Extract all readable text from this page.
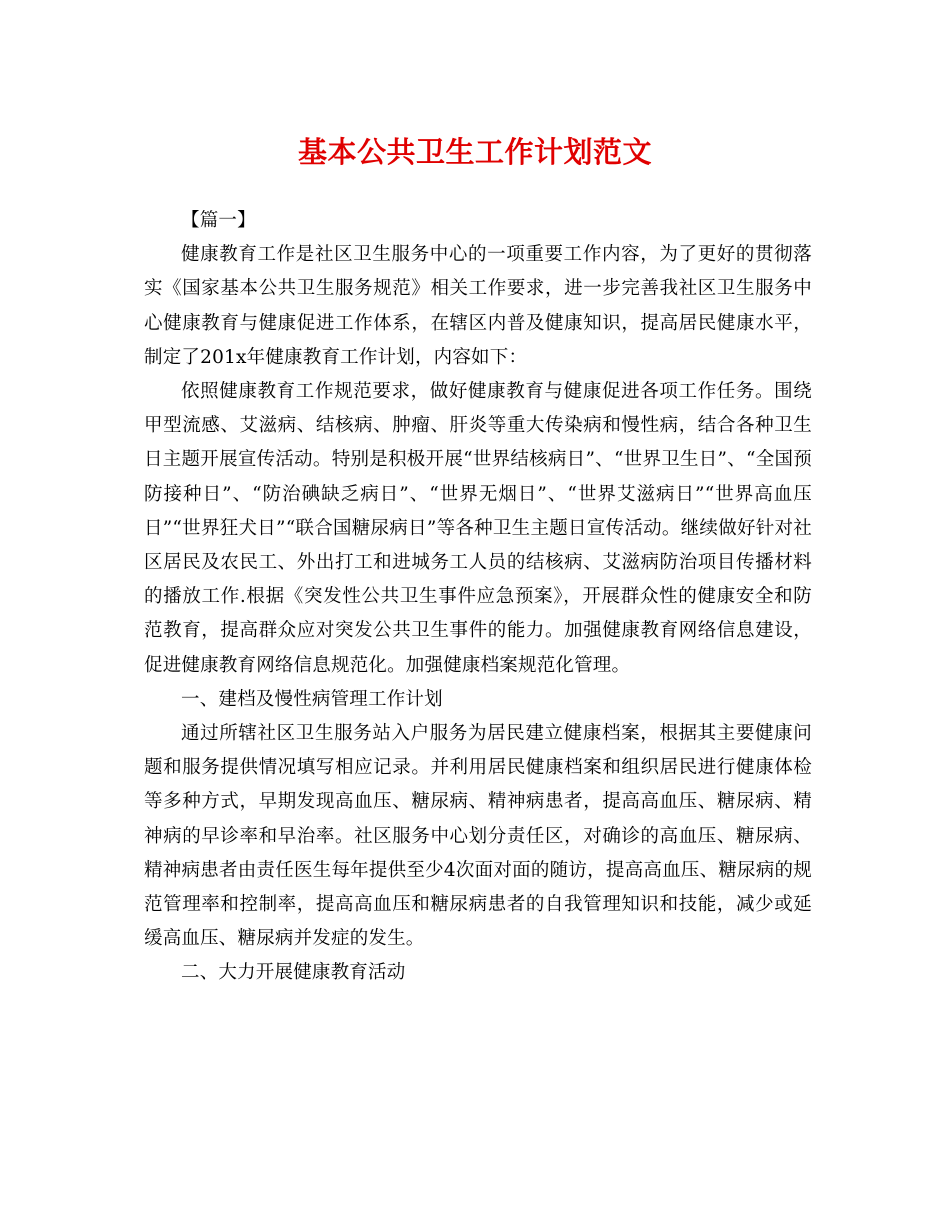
基本公共卫生工作计划范文

【篇一】

健康教育工作是社区卫生服务中心的一项重要工作内容，为了更好的贯彻落实《国家基本公共卫生服务规范》相关工作要求，进一步完善我社区卫生服务中心健康教育与健康促进工作体系，在辖区内普及健康知识，提高居民健康水平，制定了201x年健康教育工作计划，内容如下：

依照健康教育工作规范要求，做好健康教育与健康促进各项工作任务。围绕甲型流感、艾滋病、结核病、肿瘤、肝炎等重大传染病和慢性病，结合各种卫生日主题开展宣传活动。特别是积极开展“世界结核病日”、“世界卫生日”、“全国预防接种日”、“防治碘缺乏病日”、“世界无烟日”、“世界艾滋病日”“世界高血压日”“世界狂犬日”“联合国糖尿病日”等各种卫生主题日宣传活动。继续做好针对社区居民及农民工、外出打工和进城务工人员的结核病、艾滋病防治项目传播材料的播放工作.根据《突发性公共卫生事件应急预案》，开展群众性的健康安全和防范教育，提高群众应对突发公共卫生事件的能力。加强健康教育网络信息建设，促进健康教育网络信息规范化。加强健康档案规范化管理。

一、建档及慢性病管理工作计划

通过所辖社区卫生服务站入户服务为居民建立健康档案，根据其主要健康问题和服务提供情况填写相应记录。并利用居民健康档案和组织居民进行健康体检等多种方式，早期发现高血压、糖尿病、精神病患者，提高高血压、糖尿病、精神病的早诊率和早治率。社区服务中心划分责任区，对确诊的高血压、糖尿病、精神病患者由责任医生每年提供至少4次面对面的随访，提高高血压、糖尿病的规范管理率和控制率，提高高血压和糖尿病患者的自我管理知识和技能，减少或延缓高血压、糖尿病并发症的发生。

二、大力开展健康教育活动
